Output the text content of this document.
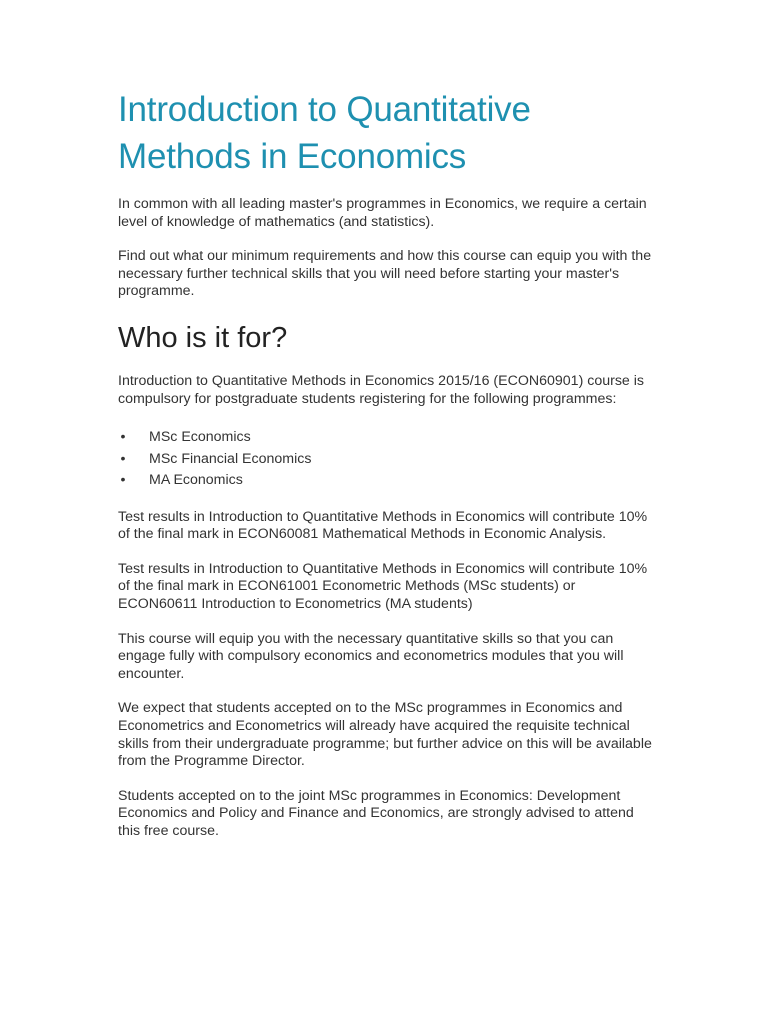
Introduction to Quantitative Methods in Economics

In common with all leading master's programmes in Economics, we require a certain level of knowledge of mathematics (and statistics).

Find out what our minimum requirements and how this course can equip you with the necessary further technical skills that you will need before starting your master's programme.

Who is it for?

Introduction to Quantitative Methods in Economics 2015/16 (ECON60901) course is compulsory for postgraduate students registering for the following programmes:

• MSc Economics
• MSc Financial Economics
• MA Economics

Test results in Introduction to Quantitative Methods in Economics will contribute 10% of the final mark in ECON60081 Mathematical Methods in Economic Analysis.

Test results in Introduction to Quantitative Methods in Economics will contribute 10% of the final mark in ECON61001 Econometric Methods (MSc students) or ECON60611 Introduction to Econometrics (MA students)

This course will equip you with the necessary quantitative skills so that you can engage fully with compulsory economics and econometrics modules that you will encounter.

We expect that students accepted on to the MSc programmes in Economics and Econometrics and Econometrics will already have acquired the requisite technical skills from their undergraduate programme; but further advice on this will be available from the Programme Director.

Students accepted on to the joint MSc programmes in Economics: Development Economics and Policy and Finance and Economics, are strongly advised to attend this free course.
